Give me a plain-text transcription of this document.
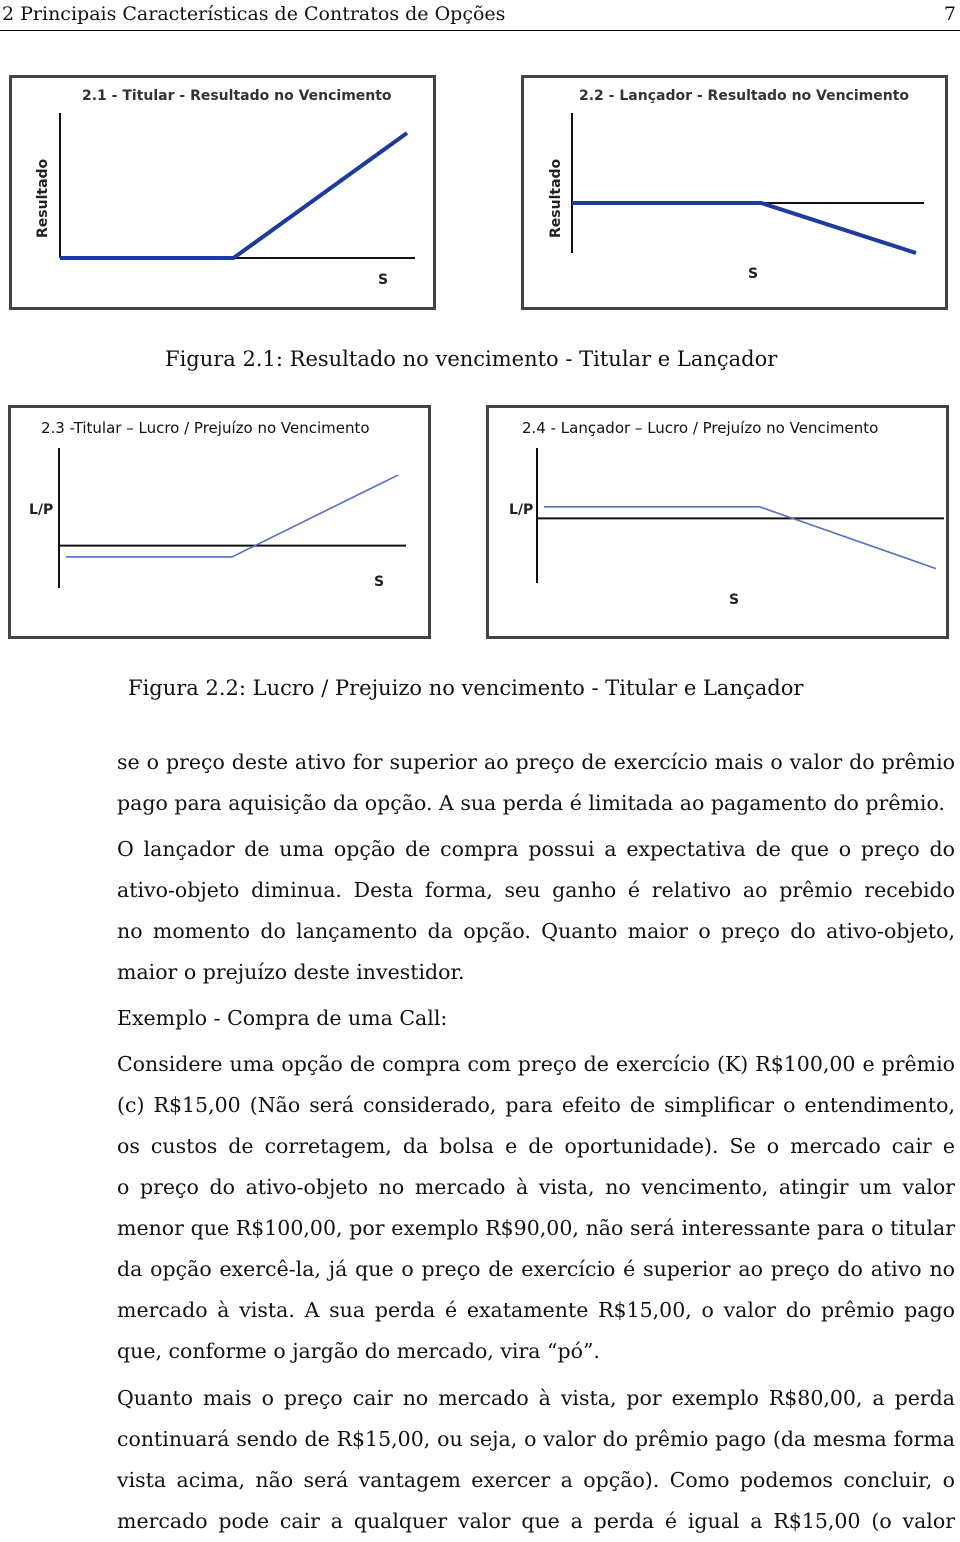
2 Principais Características de Contratos de Opções	7
2.1 - Titular - Resultado no Vencimento
Resultado
S
2.2 - Lançador - Resultado no Vencimento
Resultado
S
Figura 2.1: Resultado no vencimento - Titular e Lançador
2.3 -Titular – Lucro / Prejuízo no Vencimento
L/P
S
2.4 - Lançador – Lucro / Prejuízo no Vencimento
L/P
S
Figura 2.2: Lucro / Prejuizo no vencimento - Titular e Lançador
se o preço deste ativo for superior ao preço de exercício mais o valor do prêmio
pago para aquisição da opção. A sua perda é limitada ao pagamento do prêmio.
O lançador de uma opção de compra possui a expectativa de que o preço do
ativo-objeto diminua. Desta forma, seu ganho é relativo ao prêmio recebido
no momento do lançamento da opção. Quanto maior o preço do ativo-objeto,
maior o prejuízo deste investidor.
Exemplo - Compra de uma Call:
Considere uma opção de compra com preço de exercício (K) R$100,00 e prêmio
(c) R$15,00 (Não será considerado, para efeito de simplificar o entendimento,
os custos de corretagem, da bolsa e de oportunidade). Se o mercado cair e
o preço do ativo-objeto no mercado à vista, no vencimento, atingir um valor
menor que R$100,00, por exemplo R$90,00, não será interessante para o titular
da opção exercê-la, já que o preço de exercício é superior ao preço do ativo no
mercado à vista. A sua perda é exatamente R$15,00, o valor do prêmio pago
que, conforme o jargão do mercado, vira “pó”.
Quanto mais o preço cair no mercado à vista, por exemplo R$80,00, a perda
continuará sendo de R$15,00, ou seja, o valor do prêmio pago (da mesma forma
vista acima, não será vantagem exercer a opção). Como podemos concluir, o
mercado pode cair a qualquer valor que a perda é igual a R$15,00 (o valor
